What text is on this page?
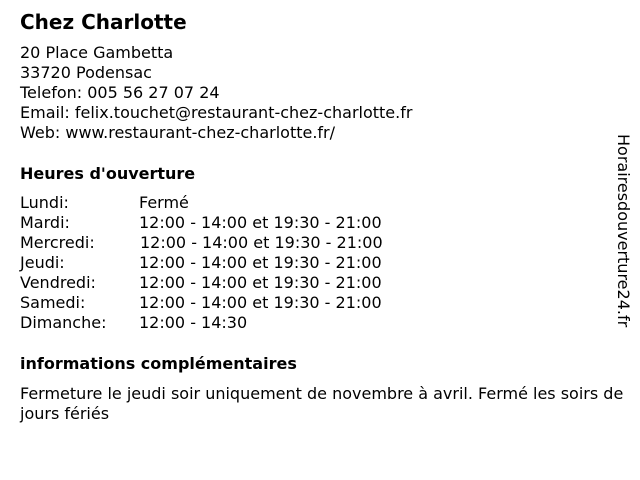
Chez Charlotte
20 Place Gambetta
33720 Podensac
Telefon: 005 56 27 07 24
Email: felix.touchet@restaurant-chez-charlotte.fr
Web: www.restaurant-chez-charlotte.fr/
Heures d'ouverture
Lundi:	Fermé
Mardi:	12:00 - 14:00 et 19:30 - 21:00
Mercredi:	12:00 - 14:00 et 19:30 - 21:00
Jeudi:	12:00 - 14:00 et 19:30 - 21:00
Vendredi:	12:00 - 14:00 et 19:30 - 21:00
Samedi:	12:00 - 14:00 et 19:30 - 21:00
Dimanche: 12:00 - 14:30
informations complémentaires
Fermeture le jeudi soir uniquement de novembre à avril. Fermé les soirs de jours fériés
Horairesdouverture24.fr
